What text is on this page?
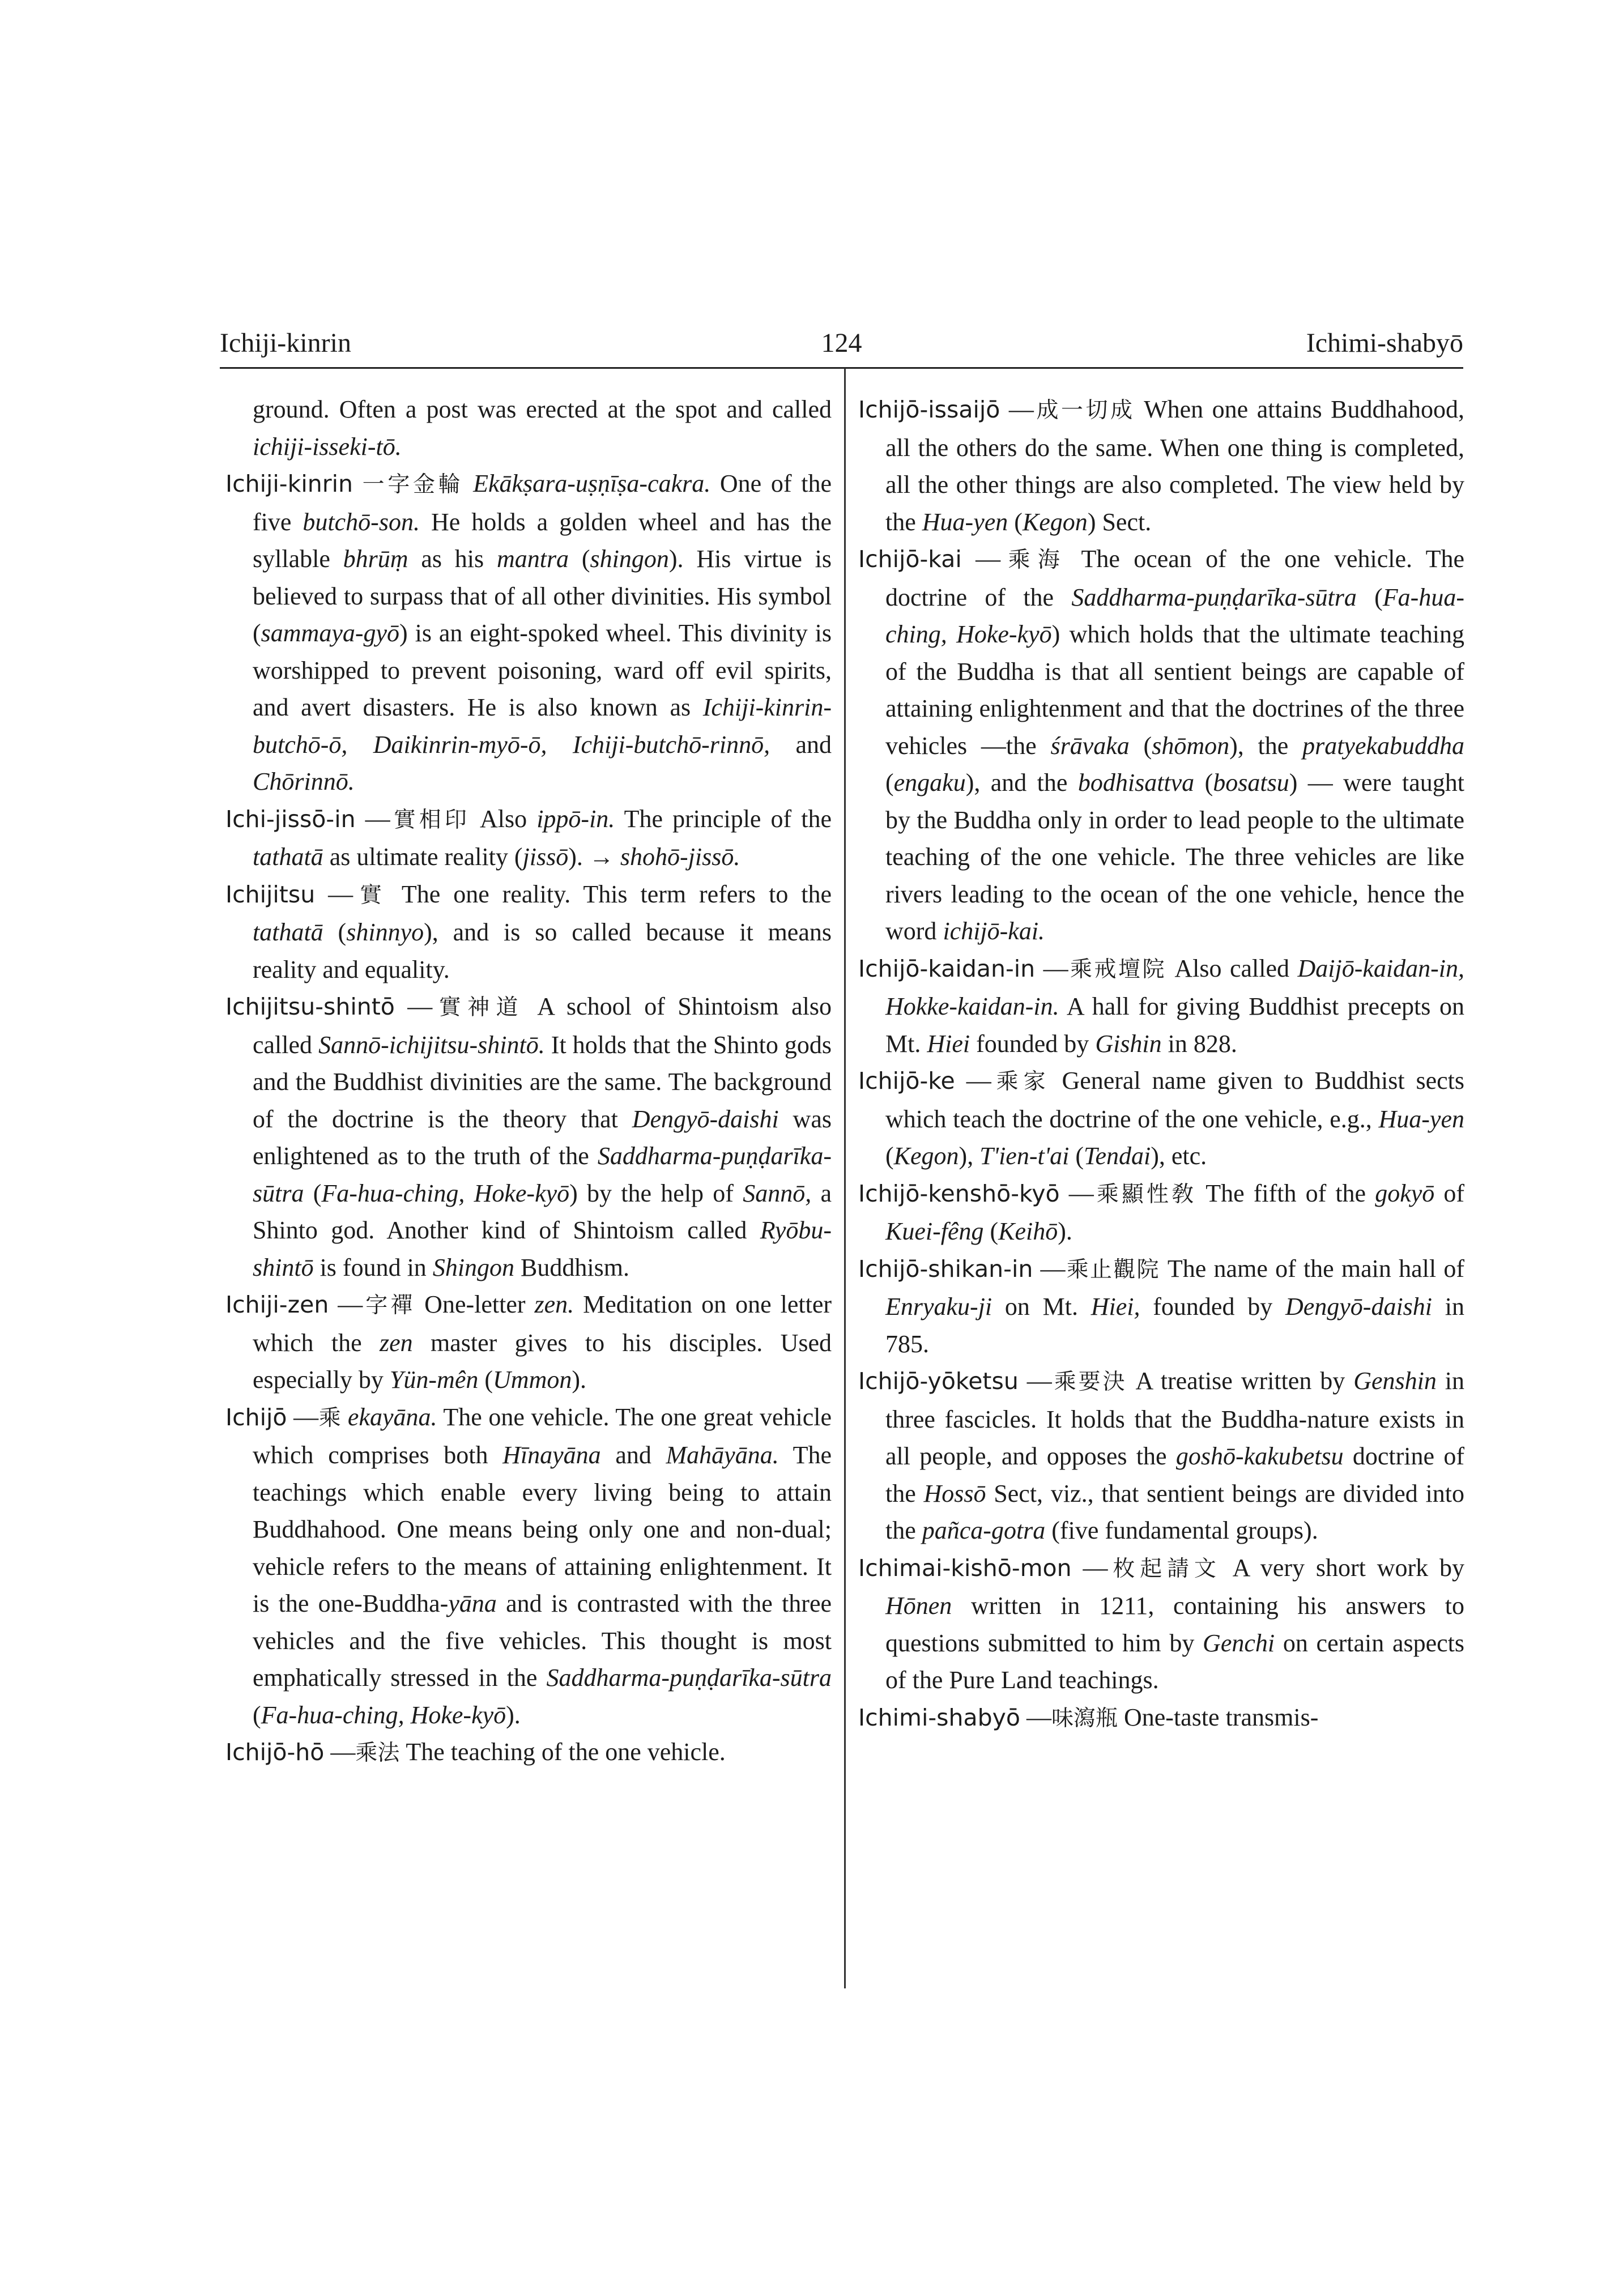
Ichiji-kinrin	124	Ichimi-shabyō

ground. Often a post was erected at the spot and called ichiji-isseki-tō.

Ichiji-kinrin 一字金輪 Ekākṣara-uṣṇīṣa-cakra. One of the five butchō-son. He holds a golden wheel and has the syllable bhrūṃ as his mantra (shingon). His virtue is believed to surpass that of all other divinities. His symbol (sammaya-gyō) is an eight-spoked wheel. This divinity is worshipped to prevent poisoning, ward off evil spirits, and avert disasters. He is also known as Ichiji-kinrin-butchō-ō, Daikinrin-myō-ō, Ichiji-butchō-rinnō, and Chōrinnō.

Ichi-jissō-in —實相印 Also ippō-in. The principle of the tathatā as ultimate reality (jissō). → shohō-jissō.

Ichijitsu —實 The one reality. This term refers to the tathatā (shinnyo), and is so called because it means reality and equality.

Ichijitsu-shintō —實神道 A school of Shintoism also called Sannō-ichijitsu-shintō. It holds that the Shinto gods and the Buddhist divinities are the same. The background of the doctrine is the theory that Dengyō-daishi was enlightened as to the truth of the Saddharma-puṇḍarīka-sūtra (Fa-hua-ching, Hoke-kyō) by the help of Sannō, a Shinto god. Another kind of Shintoism called Ryōbu-shintō is found in Shingon Buddhism.

Ichiji-zen —字禪 One-letter zen. Meditation on one letter which the zen master gives to his disciples. Used especially by Yün-mên (Ummon).

Ichijō —乘 ekayāna. The one vehicle. The one great vehicle which comprises both Hīnayāna and Mahāyāna. The teachings which enable every living being to attain Buddhahood. One means being only one and non-dual; vehicle refers to the means of attaining enlightenment. It is the one-Buddha-yāna and is contrasted with the three vehicles and the five vehicles. This thought is most emphatically stressed in the Saddharma-puṇḍarīka-sūtra (Fa-hua-ching, Hoke-kyō).

Ichijō-hō —乘法 The teaching of the one vehicle.

Ichijō-issaijō —成一切成 When one attains Buddhahood, all the others do the same. When one thing is completed, all the other things are also completed. The view held by the Hua-yen (Kegon) Sect.

Ichijō-kai —乘海 The ocean of the one vehicle. The doctrine of the Saddharma-puṇḍarīka-sūtra (Fa-hua-ching, Hoke-kyō) which holds that the ultimate teaching of the Buddha is that all sentient beings are capable of attaining enlightenment and that the doctrines of the three vehicles —the śrāvaka (shōmon), the pratyekabuddha (engaku), and the bodhisattva (bosatsu) — were taught by the Buddha only in order to lead people to the ultimate teaching of the one vehicle. The three vehicles are like rivers leading to the ocean of the one vehicle, hence the word ichijō-kai.

Ichijō-kaidan-in —乘戒壇院 Also called Daijō-kaidan-in, Hokke-kaidan-in. A hall for giving Buddhist precepts on Mt. Hiei founded by Gishin in 828.

Ichijō-ke —乘家 General name given to Buddhist sects which teach the doctrine of the one vehicle, e.g., Hua-yen (Kegon), T'ien-t'ai (Tendai), etc.

Ichijō-kenshō-kyō —乘顯性敎 The fifth of the gokyō of Kuei-fêng (Keihō).

Ichijō-shikan-in —乘止觀院 The name of the main hall of Enryaku-ji on Mt. Hiei, founded by Dengyō-daishi in 785.

Ichijō-yōketsu —乘要決 A treatise written by Genshin in three fascicles. It holds that the Buddha-nature exists in all people, and opposes the goshō-kakubetsu doctrine of the Hossō Sect, viz., that sentient beings are divided into the pañca-gotra (five fundamental groups).

Ichimai-kishō-mon —枚起請文 A very short work by Hōnen written in 1211, containing his answers to questions submitted to him by Genchi on certain aspects of the Pure Land teachings.

Ichimi-shabyō —味瀉瓶 One-taste transmis-
